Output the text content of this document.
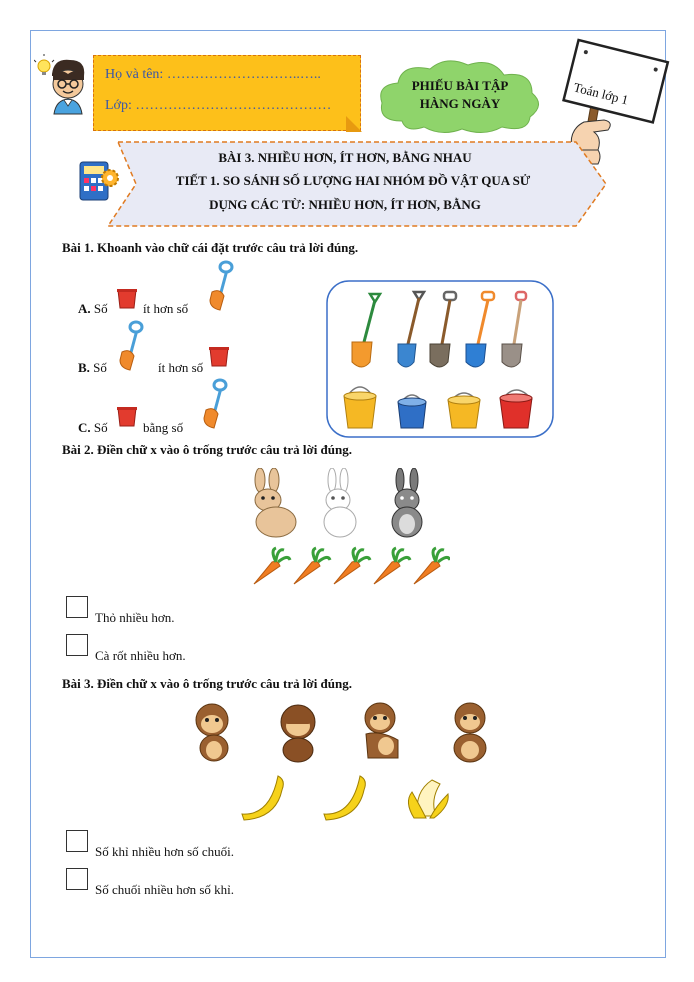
Họ và tên: ………………………..…..
Lớp: ……………………………………
PHIẾU BÀI TẬP
HÀNG NGÀY	Toán lớp 1
BÀI 3. NHIỀU HƠN, ÍT HƠN, BẰNG NHAU
TIẾT 1. SO SÁNH SỐ LƯỢNG HAI NHÓM ĐỒ VẬT QUA SỬ
DỤNG CÁC TỪ: NHIỀU HƠN, ÍT HƠN, BẰNG
Bài 1. Khoanh vào chữ cái đặt trước câu trả lời đúng.
A. Số	ít hơn số
B. Số	ít hơn số
C. Số	bằng số
Bài 2. Điền chữ x vào ô trống trước câu trả lời đúng.
Thỏ nhiều hơn.
Cà rốt nhiều hơn.
Bài 3. Điền chữ x vào ô trống trước câu trả lời đúng.
Số khỉ nhiều hơn số chuối.
Số chuối nhiều hơn số khỉ.
